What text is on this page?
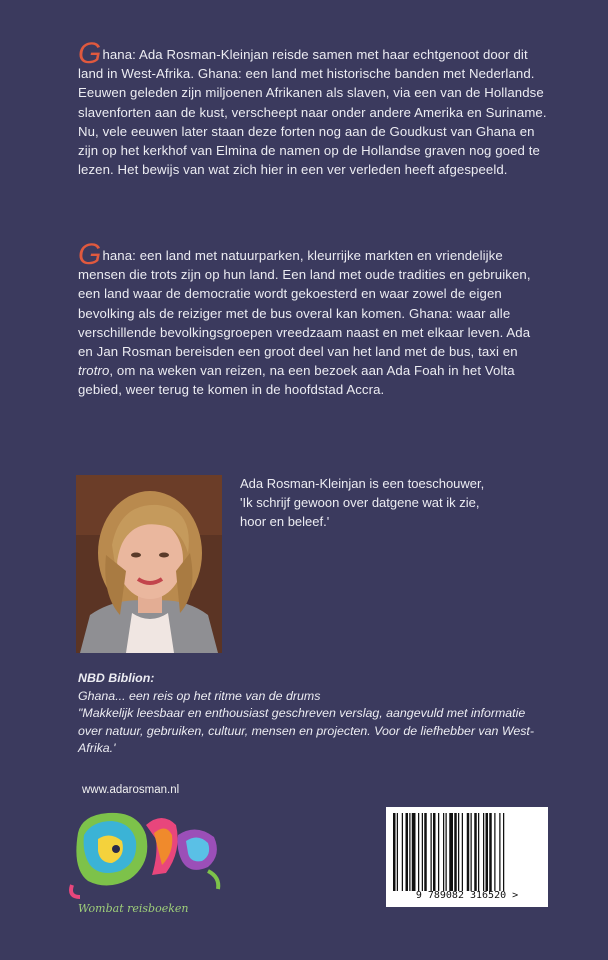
Ghana: Ada Rosman-Kleinjan reisde samen met haar echtgenoot door dit land in West-Afrika. Ghana: een land met historische banden met Nederland. Eeuwen geleden zijn miljoenen Afrikanen als slaven, via een van de Hollandse slavenforten aan de kust, verscheept naar onder andere Amerika en Suriname. Nu, vele eeuwen later staan deze forten nog aan de Goudkust van Ghana en zijn op het kerkhof van Elmina de namen op de Hollandse graven nog goed te lezen. Het bewijs van wat zich hier in een ver verleden heeft afgespeeld.
Ghana: een land met natuurparken, kleurrijke markten en vriendelijke mensen die trots zijn op hun land. Een land met oude tradities en gebruiken, een land waar de democratie wordt gekoesterd en waar zowel de eigen bevolking als de reiziger met de bus overal kan komen. Ghana: waar alle verschillende bevolkingsgroepen vreedzaam naast en met elkaar leven. Ada en Jan Rosman bereisden een groot deel van het land met de bus, taxi en trotro, om na weken van reizen, na een bezoek aan Ada Foah in het Volta gebied, weer terug te komen in de hoofdstad Accra.
Ada Rosman-Kleinjan is een toeschouwer,
'Ik schrijf gewoon over datgene wat ik zie,
hoor en beleef.'
NBD Biblion:
Ghana... een reis op het ritme van de drums
"Makkelijk leesbaar en enthousiast geschreven verslag, aangevuld met informatie over natuur, gebruiken, cultuur, mensen en projecten. Voor de liefhebber van West-Afrika.'
www.adarosman.nl
Wombat reisboeken
9 789082 316520 >
